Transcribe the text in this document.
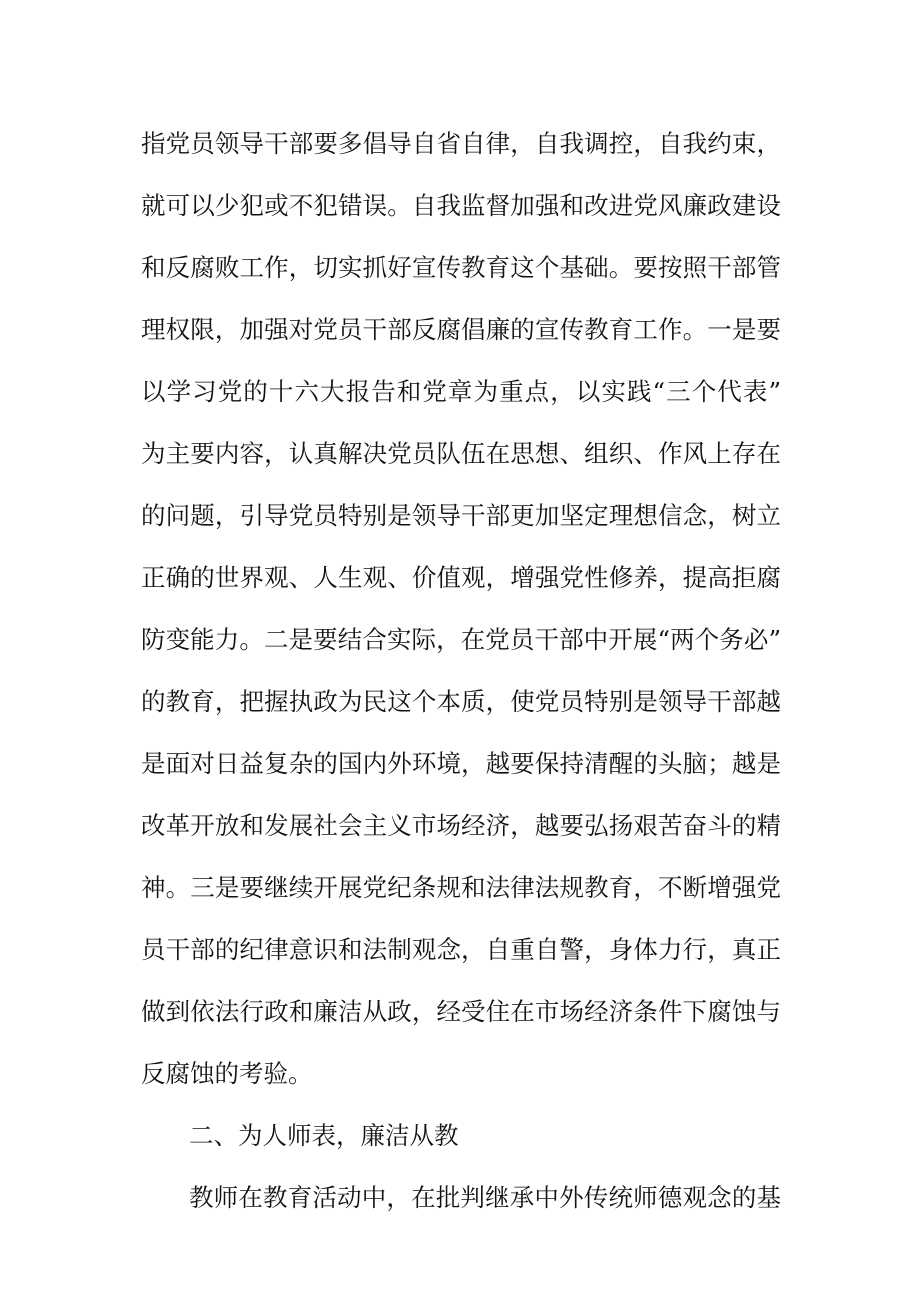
指党员领导干部要多倡导自省自律，自我调控，自我约束，
就可以少犯或不犯错误。自我监督加强和改进党风廉政建设
和反腐败工作，切实抓好宣传教育这个基础。要按照干部管
理权限，加强对党员干部反腐倡廉的宣传教育工作。一是要
以学习党的十六大报告和党章为重点，以实践“三个代表”
为主要内容，认真解决党员队伍在思想、组织、作风上存在
的问题，引导党员特别是领导干部更加坚定理想信念，树立
正确的世界观、人生观、价值观，增强党性修养，提高拒腐
防变能力。二是要结合实际，在党员干部中开展“两个务必”
的教育，把握执政为民这个本质，使党员特别是领导干部越
是面对日益复杂的国内外环境，越要保持清醒的头脑；越是
改革开放和发展社会主义市场经济，越要弘扬艰苦奋斗的精
神。三是要继续开展党纪条规和法律法规教育，不断增强党
员干部的纪律意识和法制观念，自重自警，身体力行，真正
做到依法行政和廉洁从政，经受住在市场经济条件下腐蚀与
反腐蚀的考验。
二、为人师表，廉洁从教
教师在教育活动中，在批判继承中外传统师德观念的基
